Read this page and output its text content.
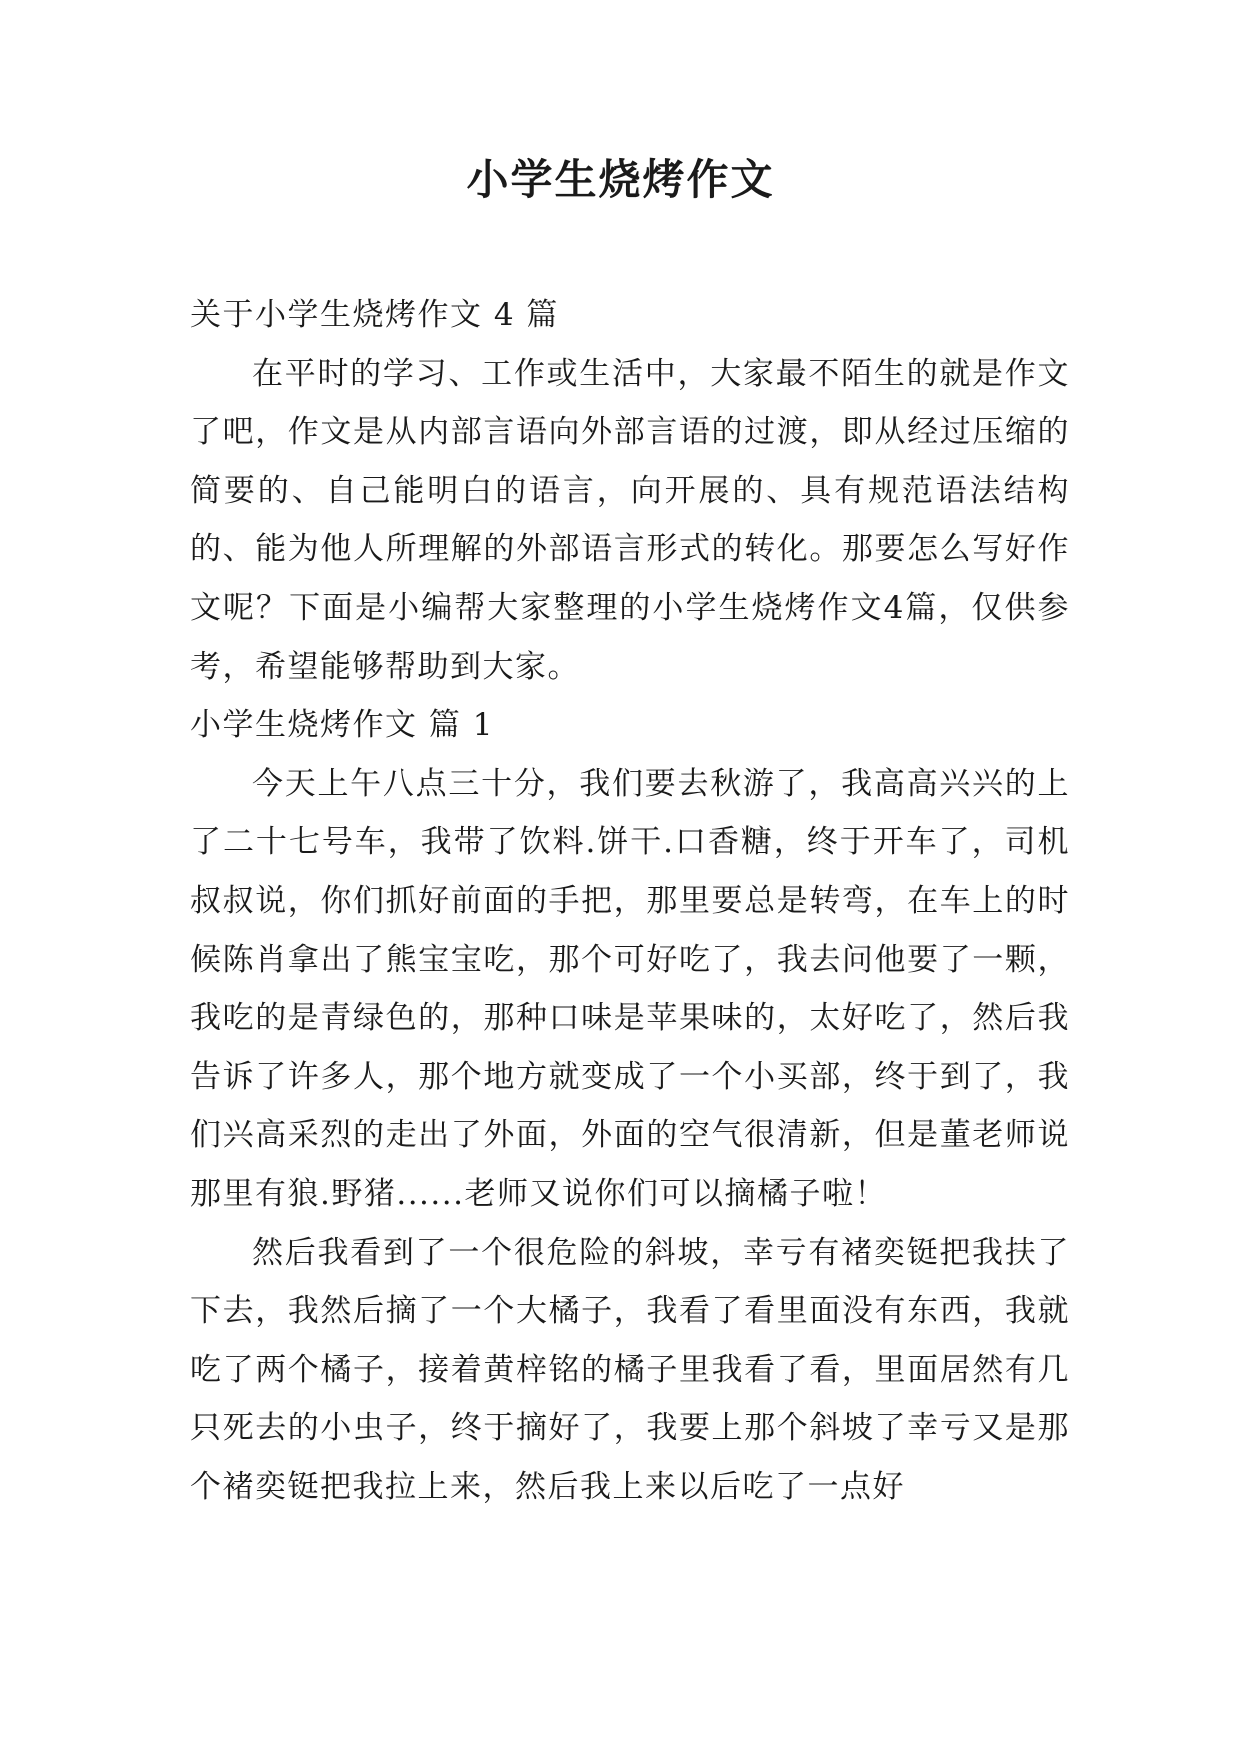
小学生烧烤作文

关于小学生烧烤作文 4 篇

在平时的学习、工作或生活中，大家最不陌生的就是作文了吧，作文是从内部言语向外部言语的过渡，即从经过压缩的简要的、自己能明白的语言，向开展的、具有规范语法结构的、能为他人所理解的外部语言形式的转化。那要怎么写好作文呢？下面是小编帮大家整理的小学生烧烤作文4篇，仅供参考，希望能够帮助到大家。

小学生烧烤作文 篇 1

今天上午八点三十分，我们要去秋游了，我高高兴兴的上了二十七号车，我带了饮料.饼干.口香糖，终于开车了，司机叔叔说，你们抓好前面的手把，那里要总是转弯，在车上的时候陈肖拿出了熊宝宝吃，那个可好吃了，我去问他要了一颗，我吃的是青绿色的，那种口味是苹果味的，太好吃了，然后我告诉了许多人，那个地方就变成了一个小买部，终于到了，我们兴高采烈的走出了外面，外面的空气很清新，但是董老师说那里有狼.野猪......老师又说你们可以摘橘子啦！

然后我看到了一个很危险的斜坡，幸亏有褚奕铤把我扶了下去，我然后摘了一个大橘子，我看了看里面没有东西，我就吃了两个橘子，接着黄梓铭的橘子里我看了看，里面居然有几只死去的小虫子，终于摘好了，我要上那个斜坡了幸亏又是那个褚奕铤把我拉上来，然后我上来以后吃了一点好
